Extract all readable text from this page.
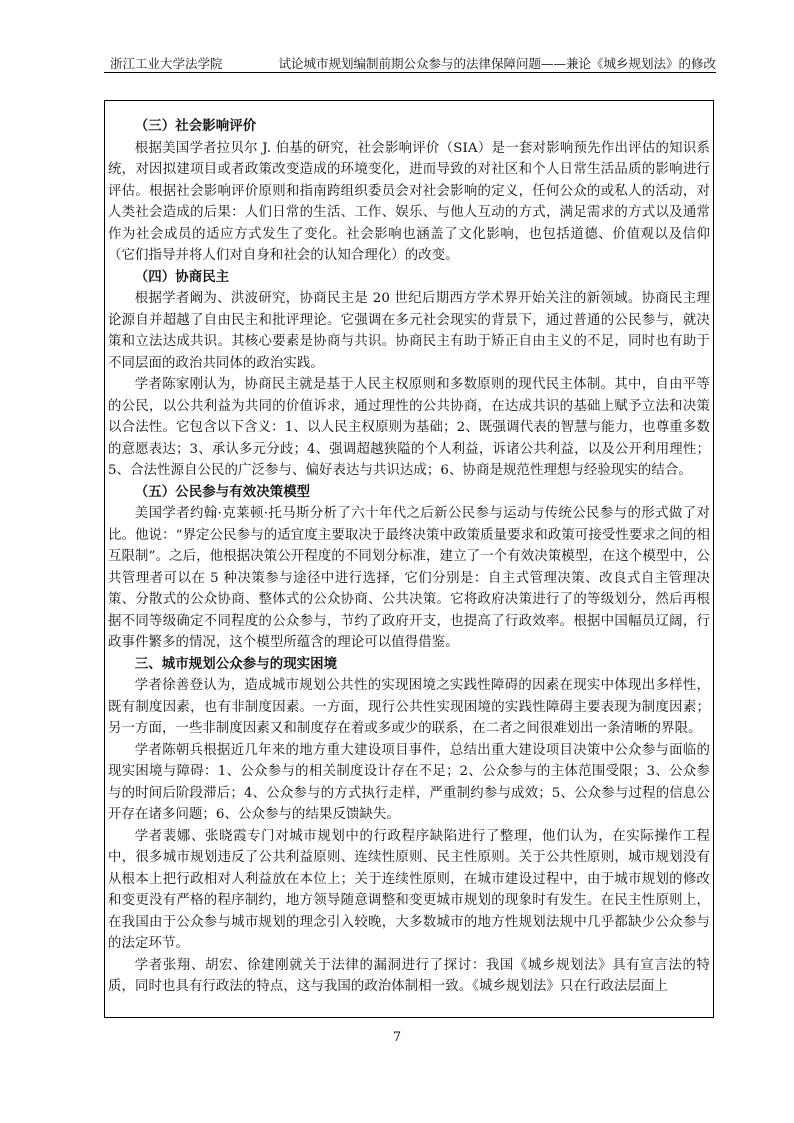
浙江工业大学法学院	试论城市规划编制前期公众参与的法律保障问题——兼论《城乡规划法》的修改

（三）社会影响评价

根据美国学者拉贝尔 J. 伯基的研究，社会影响评价（SIA）是一套对影响预先作出评估的知识系统，对因拟建项目或者政策改变造成的环境变化，进而导致的对社区和个人日常生活品质的影响进行评估。根据社会影响评价原则和指南跨组织委员会对社会影响的定义，任何公众的或私人的活动，对人类社会造成的后果：人们日常的生活、工作、娱乐、与他人互动的方式，满足需求的方式以及通常作为社会成员的适应方式发生了变化。社会影响也涵盖了文化影响，也包括道德、价值观以及信仰（它们指导并将人们对自身和社会的认知合理化）的改变。

（四）协商民主

根据学者阚为、洪波研究，协商民主是 20 世纪后期西方学术界开始关注的新领域。协商民主理论源自并超越了自由民主和批评理论。它强调在多元社会现实的背景下，通过普通的公民参与，就决策和立法达成共识。其核心要素是协商与共识。协商民主有助于矫正自由主义的不足，同时也有助于不同层面的政治共同体的政治实践。

学者陈家刚认为，协商民主就是基于人民主权原则和多数原则的现代民主体制。其中，自由平等的公民，以公共利益为共同的价值诉求，通过理性的公共协商，在达成共识的基础上赋予立法和决策以合法性。它包含以下含义：1、以人民主权原则为基础；2、既强调代表的智慧与能力，也尊重多数的意愿表达；3、承认多元分歧；4、强调超越狭隘的个人利益，诉诸公共利益，以及公开利用理性；5、合法性源自公民的广泛参与、偏好表达与共识达成；6、协商是规范性理想与经验现实的结合。

（五）公民参与有效决策模型

美国学者约翰·克莱顿·托马斯分析了六十年代之后新公民参与运动与传统公民参与的形式做了对比。他说：“界定公民参与的适宜度主要取决于最终决策中政策质量要求和政策可接受性要求之间的相互限制”。之后，他根据决策公开程度的不同划分标准，建立了一个有效决策模型，在这个模型中，公共管理者可以在 5 种决策参与途径中进行选择，它们分别是：自主式管理决策、改良式自主管理决策、分散式的公众协商、整体式的公众协商、公共决策。它将政府决策进行了的等级划分，然后再根据不同等级确定不同程度的公众参与，节约了政府开支，也提高了行政效率。根据中国幅员辽阔，行政事件繁多的情况，这个模型所蕴含的理论可以值得借鉴。

三、城市规划公众参与的现实困境

学者徐善登认为，造成城市规划公共性的实现困境之实践性障碍的因素在现实中体现出多样性，既有制度因素，也有非制度因素。一方面，现行公共性实现困境的实践性障碍主要表现为制度因素；另一方面，一些非制度因素又和制度存在着或多或少的联系，在二者之间很难划出一条清晰的界限。

学者陈朝兵根据近几年来的地方重大建设项目事件，总结出重大建设项目决策中公众参与面临的现实困境与障碍：1、公众参与的相关制度设计存在不足；2、公众参与的主体范围受限；3、公众参与的时间后阶段滞后；4、公众参与的方式执行走样，严重制约参与成效；5、公众参与过程的信息公开存在诸多问题；6、公众参与的结果反馈缺失。

学者裴娜、张晓霞专门对城市规划中的行政程序缺陷进行了整理，他们认为，在实际操作工程中，很多城市规划违反了公共利益原则、连续性原则、民主性原则。关于公共性原则，城市规划没有从根本上把行政相对人利益放在本位上；关于连续性原则，在城市建设过程中，由于城市规划的修改和变更没有严格的程序制约，地方领导随意调整和变更城市规划的现象时有发生。在民主性原则上，在我国由于公众参与城市规划的理念引入较晚，大多数城市的地方性规划法规中几乎都缺少公众参与的法定环节。

学者张翔、胡宏、徐建刚就关于法律的漏洞进行了探讨：我国《城乡规划法》具有宣言法的特质，同时也具有行政法的特点，这与我国的政治体制相一致。《城乡规划法》只在行政法层面上

7
